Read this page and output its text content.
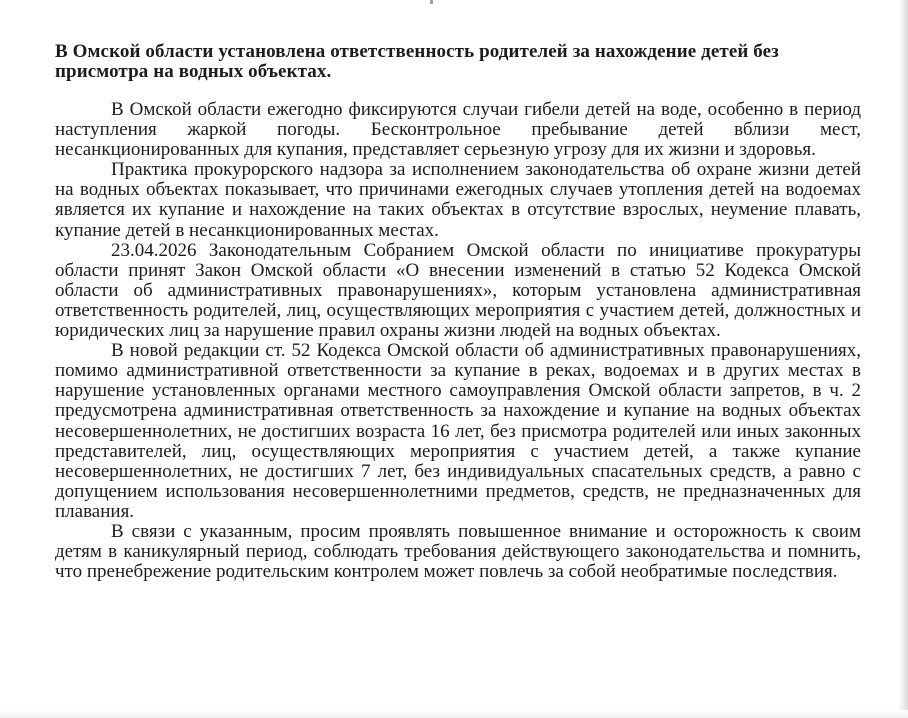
В Омской области установлена ответственность родителей за нахождение детей без присмотра на водных объектах.

В Омской области ежегодно фиксируются случаи гибели детей на воде, особенно в период наступления жаркой погоды. Бесконтрольное пребывание детей вблизи мест, несанкционированных для купания, представляет серьезную угрозу для их жизни и здоровья.

Практика прокурорского надзора за исполнением законодательства об охране жизни детей на водных объектах показывает, что причинами ежегодных случаев утопления детей на водоемах является их купание и нахождение на таких объектах в отсутствие взрослых, неумение плавать, купание детей в несанкционированных местах.

23.04.2026 Законодательным Собранием Омской области по инициативе прокуратуры области принят Закон Омской области «О внесении изменений в статью 52 Кодекса Омской области об административных правонарушениях», которым установлена административная ответственность родителей, лиц, осуществляющих мероприятия с участием детей, должностных и юридических лиц за нарушение правил охраны жизни людей на водных объектах.

В новой редакции ст. 52 Кодекса Омской области об административных правонарушениях, помимо административной ответственности за купание в реках, водоемах и в других местах в нарушение установленных органами местного самоуправления Омской области запретов, в ч. 2 предусмотрена административная ответственность за нахождение и купание на водных объектах несовершеннолетних, не достигших возраста 16 лет, без присмотра родителей или иных законных представителей, лиц, осуществляющих мероприятия с участием детей, а также купание несовершеннолетних, не достигших 7 лет, без индивидуальных спасательных средств, а равно с допущением использования несовершеннолетними предметов, средств, не предназначенных для плавания.

В связи с указанным, просим проявлять повышенное внимание и осторожность к своим детям в каникулярный период, соблюдать требования действующего законодательства и помнить, что пренебрежение родительским контролем может повлечь за собой необратимые последствия.
